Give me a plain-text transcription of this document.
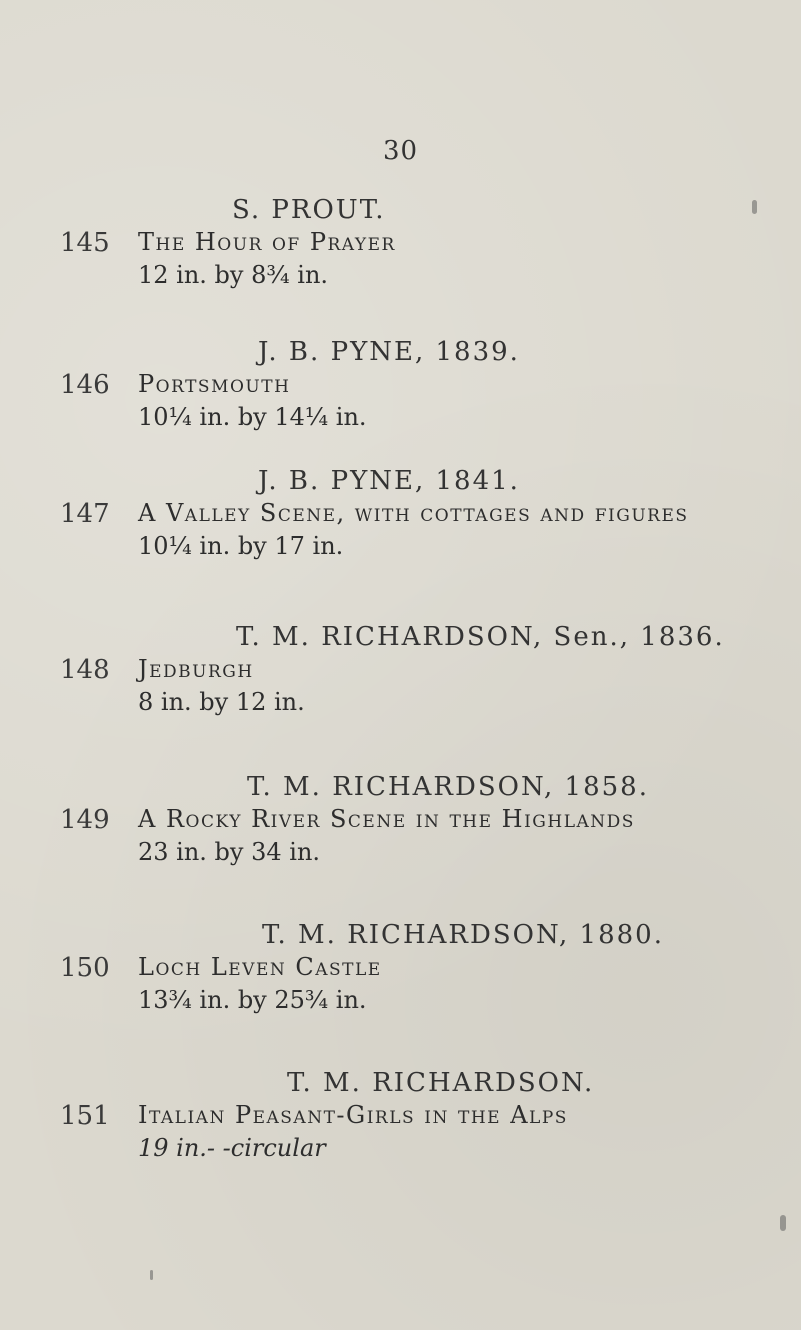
30
S. PROUT.
145 The Hour of Prayer
12 in. by 8¾ in.
J. B. PYNE, 1839.
146 Portsmouth
10¼ in. by 14¼ in.
J. B. PYNE, 1841.
147 A Valley Scene, with cottages and figures
10¼ in. by 17 in.
T. M. RICHARDSON, Sen., 1836.
148 Jedburgh
8 in. by 12 in.
T. M. RICHARDSON, 1858.
149 A Rocky River Scene in the Highlands
23 in. by 34 in.
T. M. RICHARDSON, 1880.
150 Loch Leven Castle
13¾ in. by 25¾ in.
T. M. RICHARDSON.
151 Italian Peasant-Girls in the Alps
19 in.- -circular
